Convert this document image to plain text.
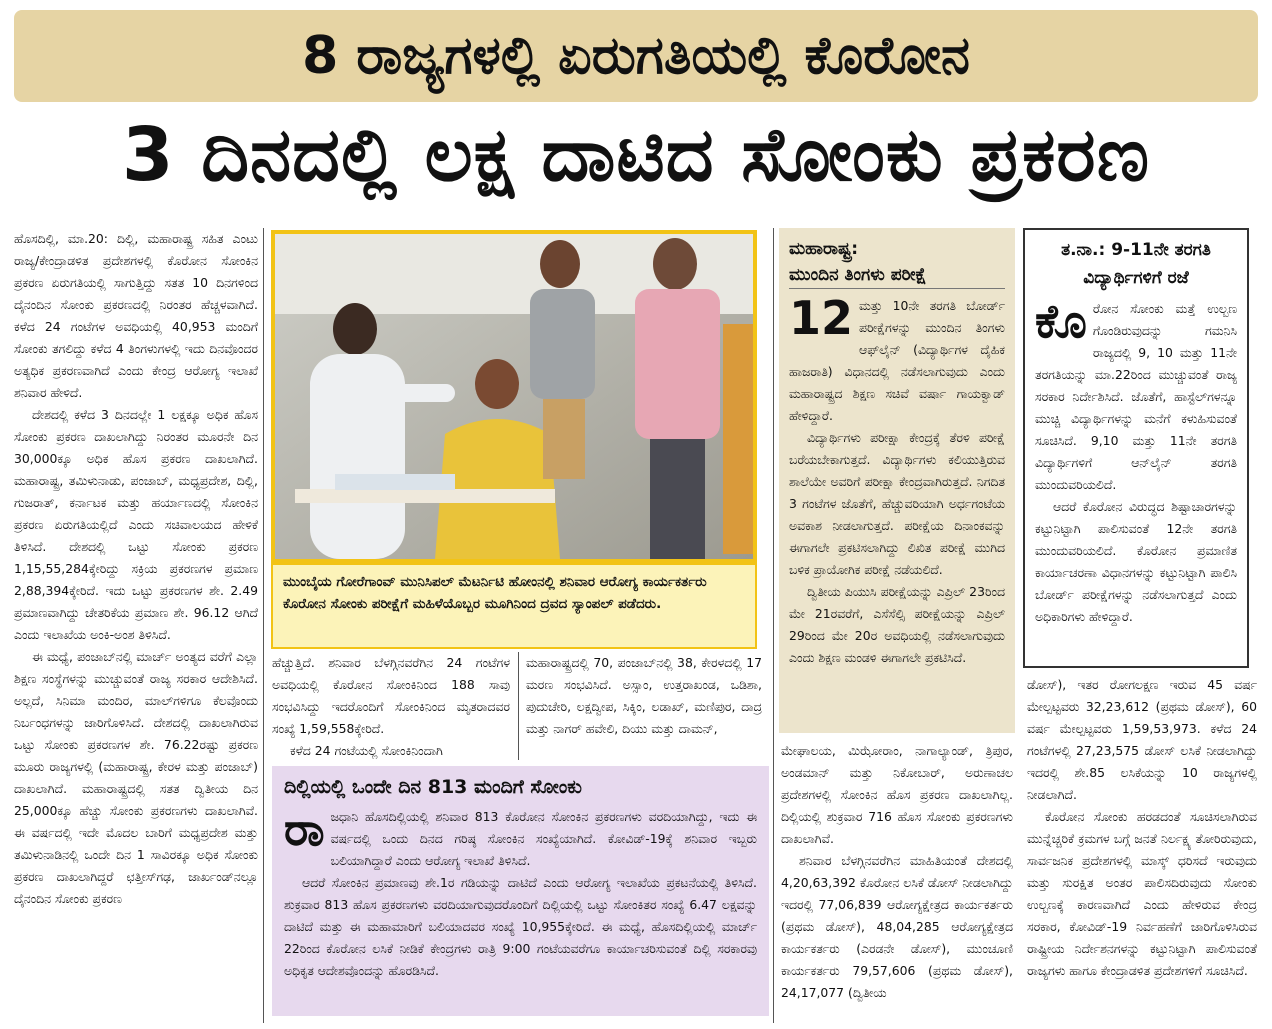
8 ರಾಜ್ಯಗಳಲ್ಲಿ ಏರುಗತಿಯಲ್ಲಿ ಕೊರೋನ
3 ದಿನದಲ್ಲಿ ಲಕ್ಷ ದಾಟಿದ ಸೋಂಕು ಪ್ರಕರಣ

ಹೊಸದಿಲ್ಲಿ, ಮಾ.20: ದಿಲ್ಲಿ, ಮಹಾರಾಷ್ಟ್ರ ಸಹಿತ ಎಂಟು ರಾಜ್ಯ/ಕೇಂದ್ರಾಡಳಿತ ಪ್ರದೇಶಗಳಲ್ಲಿ ಕೊರೋನ ಸೋಂಕಿನ ಪ್ರಕರಣ ಏರುಗತಿಯಲ್ಲಿ ಸಾಗುತ್ತಿದ್ದು ಸತತ 10 ದಿನಗಳಿಂದ ದೈನಂದಿನ ಸೋಂಕು ಪ್ರಕರಣದಲ್ಲಿ ನಿರಂತರ ಹೆಚ್ಚಳವಾಗಿದೆ. ಕಳೆದ 24 ಗಂಟೆಗಳ ಅವಧಿಯಲ್ಲಿ 40,953 ಮಂದಿಗೆ ಸೋಂಕು ತಗಲಿದ್ದು ಕಳೆದ 4 ತಿಂಗಳುಗಳಲ್ಲಿ ಇದು ದಿನವೊಂದರ ಅತ್ಯಧಿಕ ಪ್ರಕರಣವಾಗಿದೆ ಎಂದು ಕೇಂದ್ರ ಆರೋಗ್ಯ ಇಲಾಖೆ ಶನಿವಾರ ಹೇಳಿದೆ.

ದೇಶದಲ್ಲಿ ಕಳೆದ 3 ದಿನದಲ್ಲೇ 1 ಲಕ್ಷಕ್ಕೂ ಅಧಿಕ ಹೊಸ ಸೋಂಕು ಪ್ರಕರಣ ದಾಖಲಾಗಿದ್ದು ನಿರಂತರ ಮೂರನೇ ದಿನ 30,000ಕ್ಕೂ ಅಧಿಕ ಹೊಸ ಪ್ರಕರಣ ದಾಖಲಾಗಿದೆ. ಮಹಾರಾಷ್ಟ್ರ, ತಮಿಳುನಾಡು, ಪಂಜಾಬ್, ಮಧ್ಯಪ್ರದೇಶ, ದಿಲ್ಲಿ, ಗುಜರಾತ್, ಕರ್ನಾಟಕ ಮತ್ತು ಹರ್ಯಾಣದಲ್ಲಿ ಸೋಂಕಿನ ಪ್ರಕರಣ ಏರುಗತಿಯಲ್ಲಿದೆ ಎಂದು ಸಚಿವಾಲಯದ ಹೇಳಿಕೆ ತಿಳಿಸಿದೆ. ದೇಶದಲ್ಲಿ ಒಟ್ಟು ಸೋಂಕು ಪ್ರಕರಣ 1,15,55,284ಕ್ಕೇರಿದ್ದು ಸಕ್ರಿಯ ಪ್ರಕರಣಗಳ ಪ್ರಮಾಣ 2,88,394ಕ್ಕೇರಿದೆ. ಇದು ಒಟ್ಟು ಪ್ರಕರಣಗಳ ಶೇ. 2.49 ಪ್ರಮಾಣವಾಗಿದ್ದು ಚೇತರಿಕೆಯ ಪ್ರಮಾಣ ಶೇ. 96.12 ಆಗಿದೆ ಎಂದು ಇಲಾಖೆಯ ಅಂಕಿ-ಅಂಶ ತಿಳಿಸಿದೆ.

ಈ ಮಧ್ಯೆ, ಪಂಜಾಬ್‌ನಲ್ಲಿ ಮಾರ್ಚ್ ಅಂತ್ಯದ ವರೆಗೆ ಎಲ್ಲಾ ಶಿಕ್ಷಣ ಸಂಸ್ಥೆಗಳನ್ನು ಮುಚ್ಚುವಂತೆ ರಾಜ್ಯ ಸರಕಾರ ಆದೇಶಿಸಿದೆ. ಅಲ್ಲದೆ, ಸಿನಿಮಾ ಮಂದಿರ, ಮಾಲ್‌ಗಳಿಗೂ ಕೆಲವೊಂದು ನಿರ್ಬಂಧಗಳನ್ನು ಜಾರಿಗೊಳಿಸಿದೆ. ದೇಶದಲ್ಲಿ ದಾಖಲಾಗಿರುವ ಒಟ್ಟು ಸೋಂಕು ಪ್ರಕರಣಗಳ ಶೇ. 76.22ರಷ್ಟು ಪ್ರಕರಣ ಮೂರು ರಾಜ್ಯಗಳಲ್ಲಿ (ಮಹಾರಾಷ್ಟ್ರ, ಕೇರಳ ಮತ್ತು ಪಂಜಾಬ್) ದಾಖಲಾಗಿದೆ. ಮಹಾರಾಷ್ಟ್ರದಲ್ಲಿ ಸತತ ದ್ವಿತೀಯ ದಿನ 25,000ಕ್ಕೂ ಹೆಚ್ಚು ಸೋಂಕು ಪ್ರಕರಣಗಳು ದಾಖಲಾಗಿವೆ. ಈ ವರ್ಷದಲ್ಲಿ ಇದೇ ಮೊದಲ ಬಾರಿಗೆ ಮಧ್ಯಪ್ರದೇಶ ಮತ್ತು ತಮಿಳುನಾಡಿನಲ್ಲಿ ಒಂದೇ ದಿನ 1 ಸಾವಿರಕ್ಕೂ ಅಧಿಕ ಸೋಂಕು ಪ್ರಕರಣ ದಾಖಲಾಗಿದ್ದರೆ ಛತ್ತೀಸ್‌ಗಢ, ಜಾರ್ಖಂಡ್‌ನಲ್ಲೂ ದೈನಂದಿನ ಸೋಂಕು ಪ್ರಕರಣ

ಮುಂಬೈಯ ಗೋರೆಗಾಂವ್ ಮುನಿಸಿಪಲ್ ಮೆಟರ್ನಿಟಿ ಹೋಂನಲ್ಲಿ ಶನಿವಾರ ಆರೋಗ್ಯ ಕಾರ್ಯಕರ್ತರು ಕೊರೋನ ಸೋಂಕು ಪರೀಕ್ಷೆಗೆ ಮಹಿಳೆಯೊಬ್ಬರ ಮೂಗಿನಿಂದ ದ್ರವದ ಸ್ಯಾಂಪಲ್ ಪಡೆದರು.

ಹೆಚ್ಚುತ್ತಿದೆ. ಶನಿವಾರ ಬೆಳಗ್ಗಿನವರೆಗಿನ 24 ಗಂಟೆಗಳ ಅವಧಿಯಲ್ಲಿ ಕೊರೋನ ಸೋಂಕಿನಿಂದ 188 ಸಾವು ಸಂಭವಿಸಿದ್ದು ಇದರೊಂದಿಗೆ ಸೋಂಕಿನಿಂದ ಮೃತರಾದವರ ಸಂಖ್ಯೆ 1,59,558ಕ್ಕೇರಿದೆ.

ಕಳೆದ 24 ಗಂಟೆಯಲ್ಲಿ ಸೋಂಕಿನಿಂದಾಗಿ

ಮಹಾರಾಷ್ಟ್ರದಲ್ಲಿ 70, ಪಂಜಾಬ್‌ನಲ್ಲಿ 38, ಕೇರಳದಲ್ಲಿ 17 ಮರಣ ಸಂಭವಿಸಿದೆ. ಅಸ್ಸಾಂ, ಉತ್ತರಾಖಂಡ, ಒಡಿಶಾ, ಪುದುಚೇರಿ, ಲಕ್ಷದ್ವೀಪ, ಸಿಕ್ಕಿಂ, ಲಡಾಖ್, ಮಣಿಪುರ, ದಾದ್ರ ಮತ್ತು ನಾಗರ್ ಹವೇಲಿ, ದಿಯು ಮತ್ತು ದಾಮನ್,

ದಿಲ್ಲಿಯಲ್ಲಿ ಒಂದೇ ದಿನ 813 ಮಂದಿಗೆ ಸೋಂಕು
ರಾ ಜಧಾನಿ ಹೊಸದಿಲ್ಲಿಯಲ್ಲಿ ಶನಿವಾರ 813 ಕೊರೋನ ಸೋಂಕಿನ ಪ್ರಕರಣಗಳು ವರದಿಯಾಗಿದ್ದು, ಇದು ಈ ವರ್ಷದಲ್ಲಿ ಒಂದು ದಿನದ ಗರಿಷ್ಠ ಸೋಂಕಿನ ಸಂಖ್ಯೆಯಾಗಿದೆ. ಕೋವಿಡ್-19ಕ್ಕೆ ಶನಿವಾರ ಇಬ್ಬರು ಬಲಿಯಾಗಿದ್ದಾರೆ ಎಂದು ಆರೋಗ್ಯ ಇಲಾಖೆ ತಿಳಿಸಿದೆ.
ಆದರೆ ಸೋಂಕಿನ ಪ್ರಮಾಣವು ಶೇ.1ರ ಗಡಿಯನ್ನು ದಾಟಿದೆ ಎಂದು ಆರೋಗ್ಯ ಇಲಾಖೆಯ ಪ್ರಕಟನೆಯಲ್ಲಿ ತಿಳಿಸಿದೆ. ಶುಕ್ರವಾರ 813 ಹೊಸ ಪ್ರಕರಣಗಳು ವರದಿಯಾಗುವುದರೊಂದಿಗೆ ದಿಲ್ಲಿಯಲ್ಲಿ ಒಟ್ಟು ಸೋಂಕಿತರ ಸಂಖ್ಯೆ 6.47 ಲಕ್ಷವನ್ನು ದಾಟಿದೆ ಮತ್ತು ಈ ಮಹಾಮಾರಿಗೆ ಬಲಿಯಾದವರ ಸಂಖ್ಯೆ 10,955ಕ್ಕೇರಿದೆ. ಈ ಮಧ್ಯೆ, ಹೊಸದಿಲ್ಲಿಯಲ್ಲಿ ಮಾರ್ಚ್ 22ರಿಂದ ಕೊರೋನ ಲಸಿಕೆ ನೀಡಿಕೆ ಕೇಂದ್ರಗಳು ರಾತ್ರಿ 9:00 ಗಂಟೆಯವರೆಗೂ ಕಾರ್ಯಾಚರಿಸುವಂತೆ ದಿಲ್ಲಿ ಸರಕಾರವು ಅಧಿಕೃತ ಆದೇಶವೊಂದನ್ನು ಹೊರಡಿಸಿದೆ.
ಮಹಾರಾಷ್ಟ್ರ:
ಮುಂದಿನ ತಿಂಗಳು ಪರೀಕ್ಷೆ
12 ಮತ್ತು 10ನೇ ತರಗತಿ ಬೋರ್ಡ್ ಪರೀಕ್ಷೆಗಳನ್ನು ಮುಂದಿನ ತಿಂಗಳು ಆಫ್‌ಲೈನ್ (ವಿದ್ಯಾರ್ಥಿಗಳ ದೈಹಿಕ ಹಾಜರಾತಿ) ವಿಧಾನದಲ್ಲಿ ನಡೆಸಲಾಗುವುದು ಎಂದು ಮಹಾರಾಷ್ಟ್ರದ ಶಿಕ್ಷಣ ಸಚಿವೆ ವರ್ಷಾ ಗಾಯಕ್ವಾಡ್ ಹೇಳಿದ್ದಾರೆ.
ವಿದ್ಯಾರ್ಥಿಗಳು ಪರೀಕ್ಷಾ ಕೇಂದ್ರಕ್ಕೆ ತೆರಳಿ ಪರೀಕ್ಷೆ ಬರೆಯಬೇಕಾಗುತ್ತದೆ. ವಿದ್ಯಾರ್ಥಿಗಳು ಕಲಿಯುತ್ತಿರುವ ಶಾಲೆಯೇ ಅವರಿಗೆ ಪರೀಕ್ಷಾ ಕೇಂದ್ರವಾಗಿರುತ್ತದೆ. ನಿಗದಿತ 3 ಗಂಟೆಗಳ ಜೊತೆಗೆ, ಹೆಚ್ಚುವರಿಯಾಗಿ ಅರ್ಧಗಂಟೆಯ ಅವಕಾಶ ನೀಡಲಾಗುತ್ತದೆ. ಪರೀಕ್ಷೆಯ ದಿನಾಂಕವನ್ನು ಈಗಾಗಲೇ ಪ್ರಕಟಿಸಲಾಗಿದ್ದು ಲಿಖಿತ ಪರೀಕ್ಷೆ ಮುಗಿದ ಬಳಿಕ ಪ್ರಾಯೋಗಿಕ ಪರೀಕ್ಷೆ ನಡೆಯಲಿದೆ.
ದ್ವಿತೀಯ ಪಿಯುಸಿ ಪರೀಕ್ಷೆಯನ್ನು ಎಪ್ರಿಲ್ 23ರಿಂದ ಮೇ 21ರವರೆಗೆ, ಎಸೆಸೆಲ್ಸಿ ಪರೀಕ್ಷೆಯನ್ನು ಎಪ್ರಿಲ್ 29ರಿಂದ ಮೇ 20ರ ಅವಧಿಯಲ್ಲಿ ನಡೆಸಲಾಗುವುದು ಎಂದು ಶಿಕ್ಷಣ ಮಂಡಳಿ ಈಗಾಗಲೇ ಪ್ರಕಟಿಸಿದೆ.

ಮೇಘಾಲಯ, ಮಿಝೋರಾಂ, ನಾಗಾಲ್ಯಾಂಡ್, ತ್ರಿಪುರ, ಅಂಡಮಾನ್ ಮತ್ತು ನಿಕೋಬಾರ್, ಅರುಣಾಚಲ ಪ್ರದೇಶಗಳಲ್ಲಿ ಸೋಂಕಿನ ಹೊಸ ಪ್ರಕರಣ ದಾಖಲಾಗಿಲ್ಲ. ದಿಲ್ಲಿಯಲ್ಲಿ ಶುಕ್ರವಾರ 716 ಹೊಸ ಸೋಂಕು ಪ್ರಕರಣಗಳು ದಾಖಲಾಗಿವೆ.

ಶನಿವಾರ ಬೆಳಗ್ಗಿನವರೆಗಿನ ಮಾಹಿತಿಯಂತೆ ದೇಶದಲ್ಲಿ 4,20,63,392 ಕೊರೋನ ಲಸಿಕೆ ಡೋಸ್ ನೀಡಲಾಗಿದ್ದು ಇದರಲ್ಲಿ 77,06,839 ಆರೋಗ್ಯಕ್ಷೇತ್ರದ ಕಾರ್ಯಕರ್ತರು (ಪ್ರಥಮ ಡೋಸ್), 48,04,285 ಆರೋಗ್ಯಕ್ಷೇತ್ರದ ಕಾರ್ಯಕರ್ತರು (ಎರಡನೇ ಡೋಸ್), ಮುಂಚೂಣಿ ಕಾರ್ಯಕರ್ತರು 79,57,606 (ಪ್ರಥಮ ಡೋಸ್), 24,17,077 (ದ್ವಿತೀಯ

ತ.ನಾ.: 9-11ನೇ ತರಗತಿ ವಿದ್ಯಾರ್ಥಿಗಳಿಗೆ ರಜೆ
ಕೊ ರೋನ ಸೋಂಕು ಮತ್ತೆ ಉಲ್ಬಣ ಗೊಂಡಿರುವುದನ್ನು ಗಮನಿಸಿ ರಾಜ್ಯದಲ್ಲಿ 9, 10 ಮತ್ತು 11ನೇ ತರಗತಿಯನ್ನು ಮಾ.22ರಿಂದ ಮುಚ್ಚುವಂತೆ ರಾಜ್ಯ ಸರಕಾರ ನಿರ್ದೇಶಿಸಿದೆ. ಜೊತೆಗೆ, ಹಾಸ್ಟೆಲ್‌ಗಳನ್ನೂ ಮುಚ್ಚಿ ವಿದ್ಯಾರ್ಥಿಗಳನ್ನು ಮನೆಗೆ ಕಳುಹಿಸುವಂತೆ ಸೂಚಿಸಿದೆ. 9,10 ಮತ್ತು 11ನೇ ತರಗತಿ ವಿದ್ಯಾರ್ಥಿಗಳಿಗೆ ಆನ್‌ಲೈನ್ ತರಗತಿ ಮುಂದುವರಿಯಲಿದೆ.
ಆದರೆ ಕೊರೋನ ವಿರುದ್ಧದ ಶಿಷ್ಟಾಚಾರಗಳನ್ನು ಕಟ್ಟುನಿಟ್ಟಾಗಿ ಪಾಲಿಸುವಂತೆ 12ನೇ ತರಗತಿ ಮುಂದುವರಿಯಲಿದೆ. ಕೊರೋನ ಪ್ರಮಾಣಿತ ಕಾರ್ಯಾಚರಣಾ ವಿಧಾನಗಳನ್ನು ಕಟ್ಟುನಿಟ್ಟಾಗಿ ಪಾಲಿಸಿ ಬೋರ್ಡ್ ಪರೀಕ್ಷೆಗಳನ್ನು ನಡೆಸಲಾಗುತ್ತದೆ ಎಂದು ಅಧಿಕಾರಿಗಳು ಹೇಳಿದ್ದಾರೆ.

ಡೋಸ್), ಇತರ ರೋಗಲಕ್ಷಣ ಇರುವ 45 ವರ್ಷ ಮೇಲ್ಪಟ್ಟವರು 32,23,612 (ಪ್ರಥಮ ಡೋಸ್), 60 ವರ್ಷ ಮೇಲ್ಪಟ್ಟವರು 1,59,53,973. ಕಳೆದ 24 ಗಂಟೆಗಳಲ್ಲಿ 27,23,575 ಡೋಸ್ ಲಸಿಕೆ ನೀಡಲಾಗಿದ್ದು ಇದರಲ್ಲಿ ಶೇ.85 ಲಸಿಕೆಯನ್ನು 10 ರಾಜ್ಯಗಳಲ್ಲಿ ನೀಡಲಾಗಿದೆ.

ಕೊರೋನ ಸೋಂಕು ಹರಡದಂತೆ ಸೂಚಿಸಲಾಗಿರುವ ಮುನ್ನೆಚ್ಚರಿಕೆ ಕ್ರಮಗಳ ಬಗ್ಗೆ ಜನತೆ ನಿರ್ಲಕ್ಷ್ಯ ತೋರಿರುವುದು, ಸಾರ್ವಜನಿಕ ಪ್ರದೇಶಗಳಲ್ಲಿ ಮಾಸ್ಕ್ ಧರಿಸದೆ ಇರುವುದು ಮತ್ತು ಸುರಕ್ಷಿತ ಅಂತರ ಪಾಲಿಸದಿರುವುದು ಸೋಂಕು ಉಲ್ಬಣಕ್ಕೆ ಕಾರಣವಾಗಿದೆ ಎಂದು ಹೇಳಿರುವ ಕೇಂದ್ರ ಸರಕಾರ, ಕೋವಿಡ್-19 ನಿರ್ವಹಣೆಗೆ ಜಾರಿಗೊಳಿಸಿರುವ ರಾಷ್ಟ್ರೀಯ ನಿರ್ದೇಶನಗಳನ್ನು ಕಟ್ಟುನಿಟ್ಟಾಗಿ ಪಾಲಿಸುವಂತೆ ರಾಜ್ಯಗಳು ಹಾಗೂ ಕೇಂದ್ರಾಡಳಿತ ಪ್ರದೇಶಗಳಿಗೆ ಸೂಚಿಸಿದೆ.
